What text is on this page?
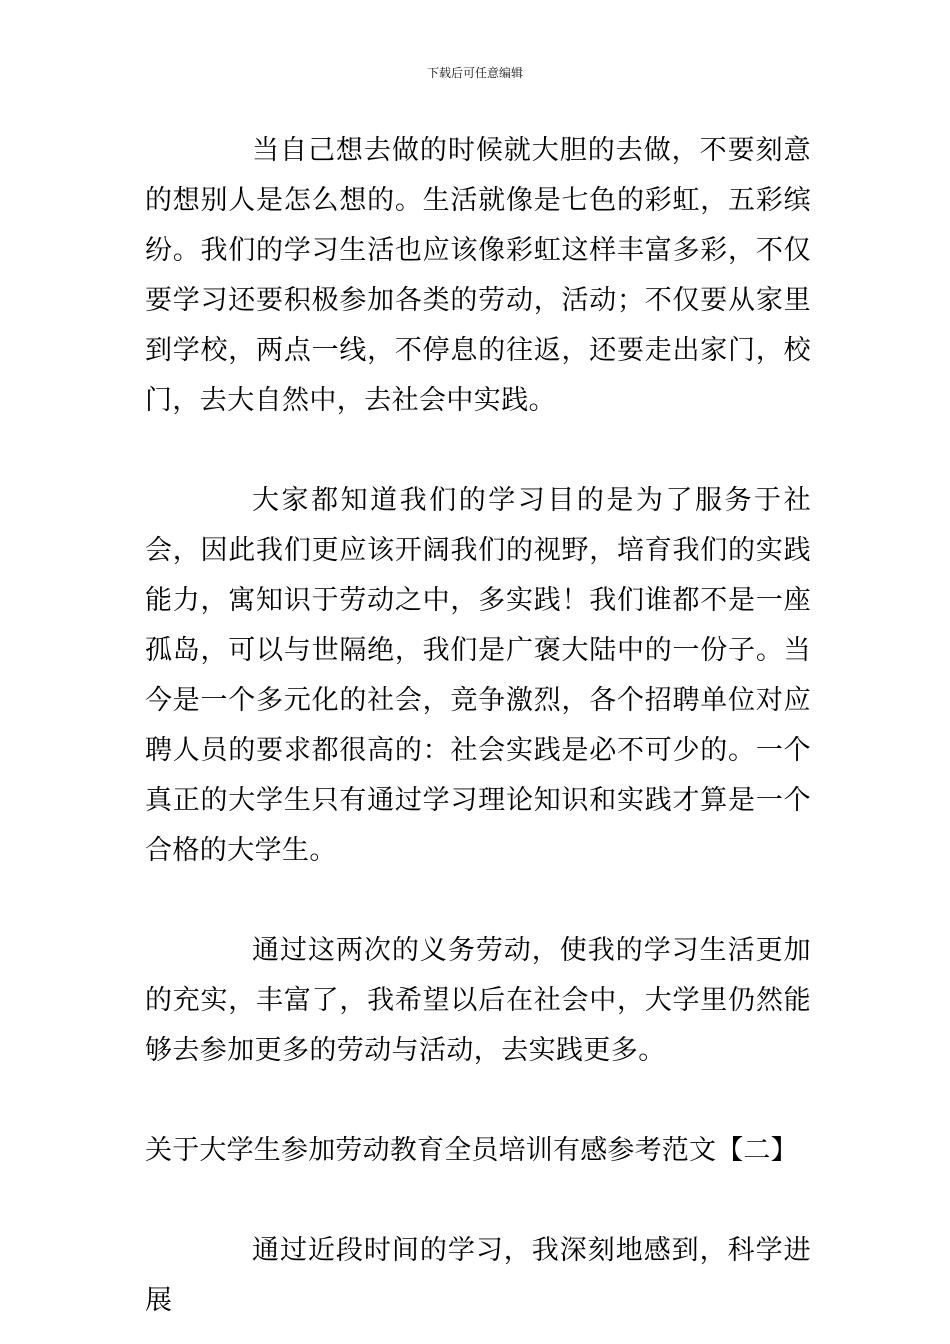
下载后可任意编辑

当自己想去做的时候就大胆的去做，不要刻意的想别人是怎么想的。生活就像是七色的彩虹，五彩缤纷。我们的学习生活也应该像彩虹这样丰富多彩，不仅要学习还要积极参加各类的劳动，活动；不仅要从家里到学校，两点一线，不停息的往返，还要走出家门，校门，去大自然中，去社会中实践。

大家都知道我们的学习目的是为了服务于社会，因此我们更应该开阔我们的视野，培育我们的实践能力，寓知识于劳动之中，多实践！我们谁都不是一座孤岛，可以与世隔绝，我们是广褒大陆中的一份子。当今是一个多元化的社会，竞争激烈，各个招聘单位对应聘人员的要求都很高的：社会实践是必不可少的。一个真正的大学生只有通过学习理论知识和实践才算是一个合格的大学生。

通过这两次的义务劳动，使我的学习生活更加的充实，丰富了，我希望以后在社会中，大学里仍然能够去参加更多的劳动与活动，去实践更多。

关于大学生参加劳动教育全员培训有感参考范文【二】

通过近段时间的学习，我深刻地感到，科学进展
